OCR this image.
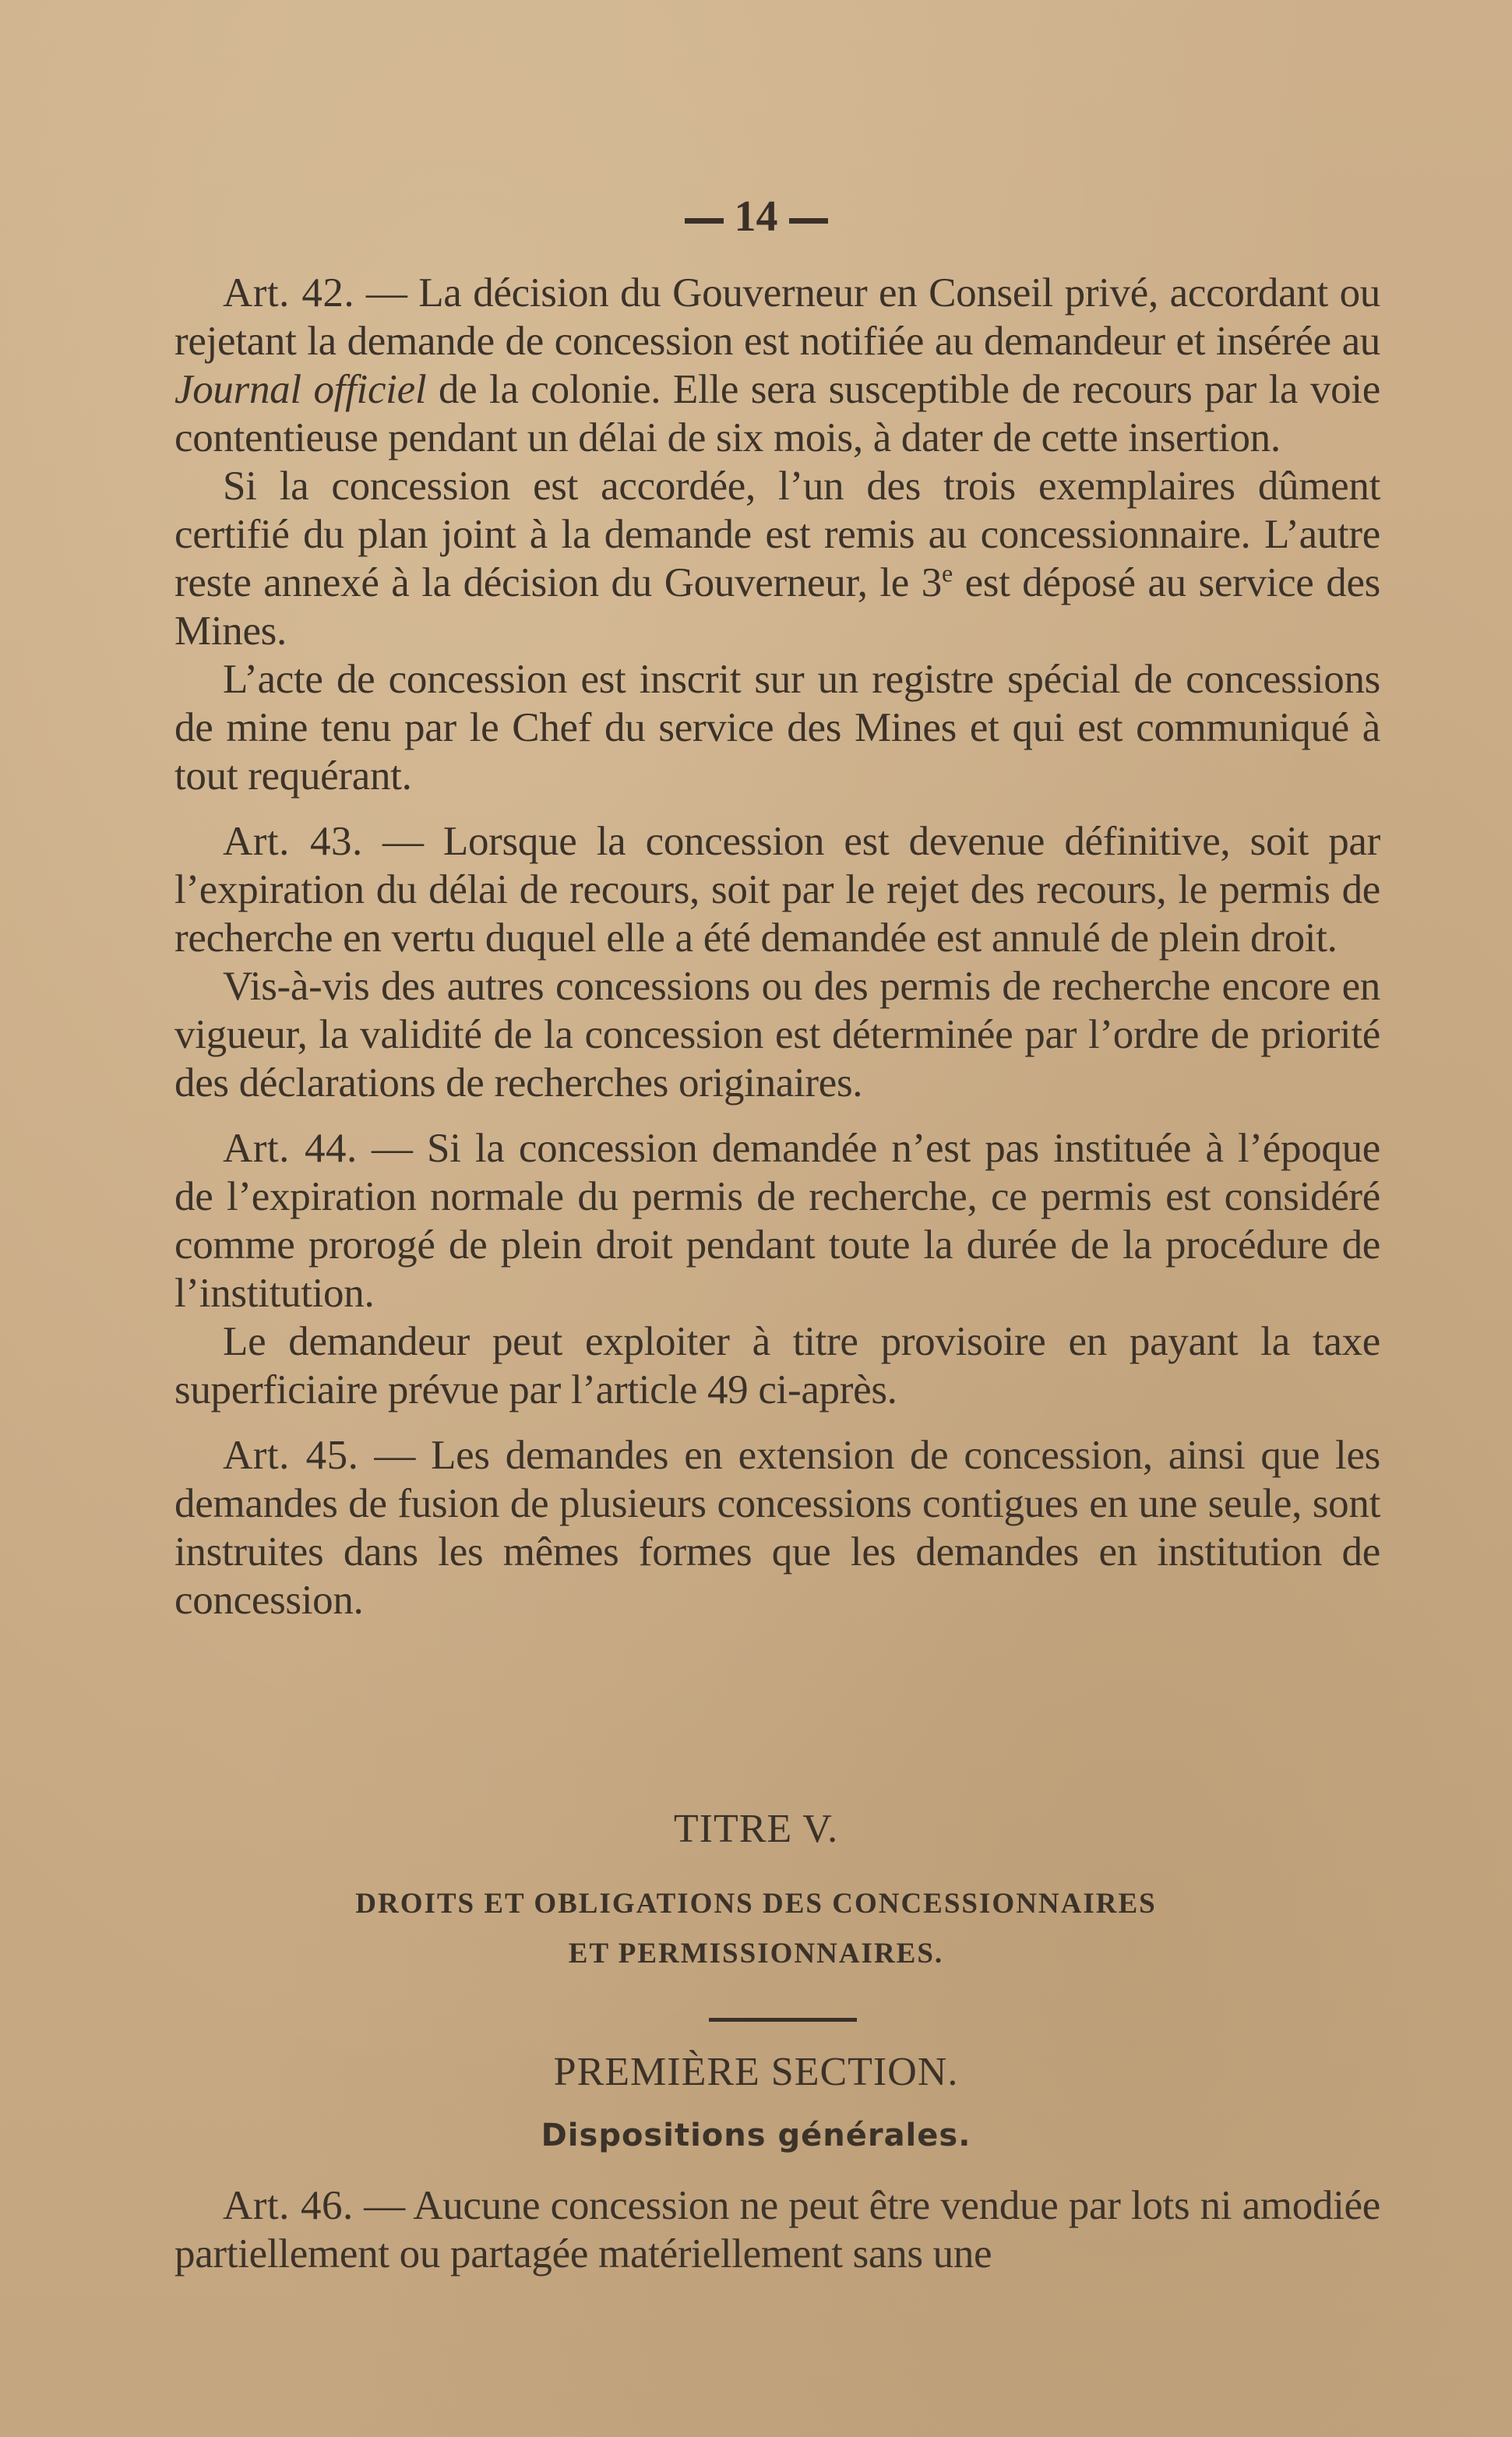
14

Art. 42. — La décision du Gouverneur en Conseil privé, accordant ou rejetant la demande de concession est notifiée au demandeur et insérée au Journal officiel de la colonie. Elle sera susceptible de recours par la voie contentieuse pendant un délai de six mois, à dater de cette insertion.

Si la concession est accordée, l’un des trois exemplaires dûment certifié du plan joint à la demande est remis au concessionnaire. L’autre reste annexé à la décision du Gouverneur, le 3e est déposé au service des Mines.

L’acte de concession est inscrit sur un registre spécial de concessions de mine tenu par le Chef du service des Mines et qui est communiqué à tout requérant.

Art. 43. — Lorsque la concession est devenue définitive, soit par l’expiration du délai de recours, soit par le rejet des recours, le permis de recherche en vertu duquel elle a été demandée est annulé de plein droit.

Vis-à-vis des autres concessions ou des permis de recherche encore en vigueur, la validité de la concession est déterminée par l’ordre de priorité des déclarations de recherches originaires.

Art. 44. — Si la concession demandée n’est pas instituée à l’époque de l’expiration normale du permis de recherche, ce permis est considéré comme prorogé de plein droit pendant toute la durée de la procédure de l’institution.

Le demandeur peut exploiter à titre provisoire en payant la taxe superficiaire prévue par l’article 49 ci-après.

Art. 45. — Les demandes en extension de concession, ainsi que les demandes de fusion de plusieurs concessions contigues en une seule, sont instruites dans les mêmes formes que les demandes en institution de concession.

TITRE V.
DROITS ET OBLIGATIONS DES CONCESSIONNAIRES
ET PERMISSIONNAIRES.
PREMIÈRE SECTION.
Dispositions générales.

Art. 46. — Aucune concession ne peut être vendue par lots ni amodiée partiellement ou partagée matériellement sans une
